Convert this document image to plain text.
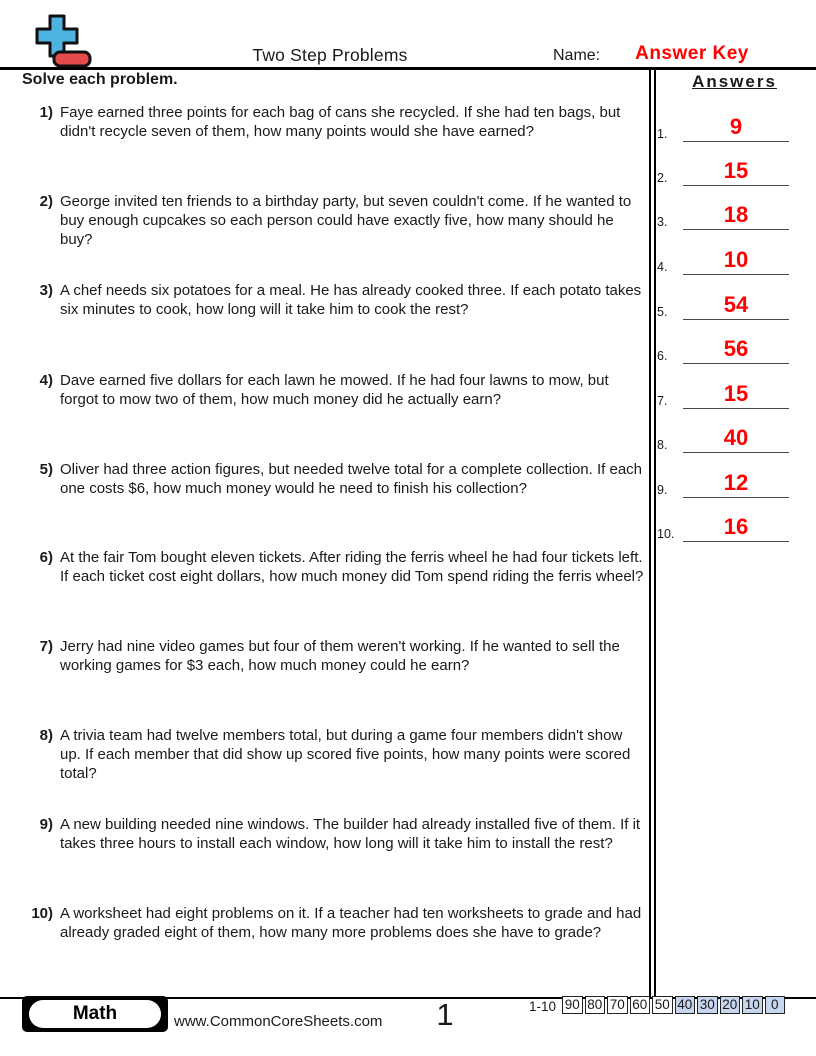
Two Step Problems	Name:	Answer Key
Solve each problem.
1) Faye earned three points for each bag of cans she recycled. If she had ten bags, but didn't recycle seven of them, how many points would she have earned?
2) George invited ten friends to a birthday party, but seven couldn't come. If he wanted to buy enough cupcakes so each person could have exactly five, how many should he buy?
3) A chef needs six potatoes for a meal. He has already cooked three. If each potato takes six minutes to cook, how long will it take him to cook the rest?
4) Dave earned five dollars for each lawn he mowed. If he had four lawns to mow, but forgot to mow two of them, how much money did he actually earn?
5) Oliver had three action figures, but needed twelve total for a complete collection. If each one costs $6, how much money would he need to finish his collection?
6) At the fair Tom bought eleven tickets. After riding the ferris wheel he had four tickets left. If each ticket cost eight dollars, how much money did Tom spend riding the ferris wheel?
7) Jerry had nine video games but four of them weren't working. If he wanted to sell the working games for $3 each, how much money could he earn?
8) A trivia team had twelve members total, but during a game four members didn't show up. If each member that did show up scored five points, how many points were scored total?
9) A new building needed nine windows. The builder had already installed five of them. If it takes three hours to install each window, how long will it take him to install the rest?
10) A worksheet had eight problems on it. If a teacher had ten worksheets to grade and had already graded eight of them, how many more problems does she have to grade?
Answers
1.	9
2.	15
3.	18
4.	10
5.	54
6.	56
7.	15
8.	40
9.	12
10.	16
Math	www.CommonCoreSheets.com	1	1-10 90 80 70 60 50 40 30 20 10 0
